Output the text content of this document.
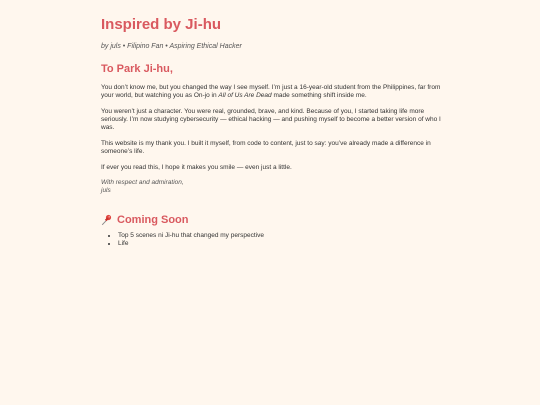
Inspired by Ji-hu

by juls • Filipino Fan • Aspiring Ethical Hacker

To Park Ji-hu,

You don’t know me, but you changed the way I see myself. I’m just a 16-year-old student from the Philippines, far from your world, but watching you as On-jo in All of Us Are Dead made something shift inside me.

You weren’t just a character. You were real, grounded, brave, and kind. Because of you, I started taking life more seriously. I’m now studying cybersecurity — ethical hacking — and pushing myself to become a better version of who I was.

This website is my thank you. I built it myself, from code to content, just to say: you’ve already made a difference in someone’s life.

If ever you read this, I hope it makes you smile — even just a little.

With respect and admiration,
juls
Coming Soon
• Top 5 scenes ni Ji-hu that changed my perspective
• Life
